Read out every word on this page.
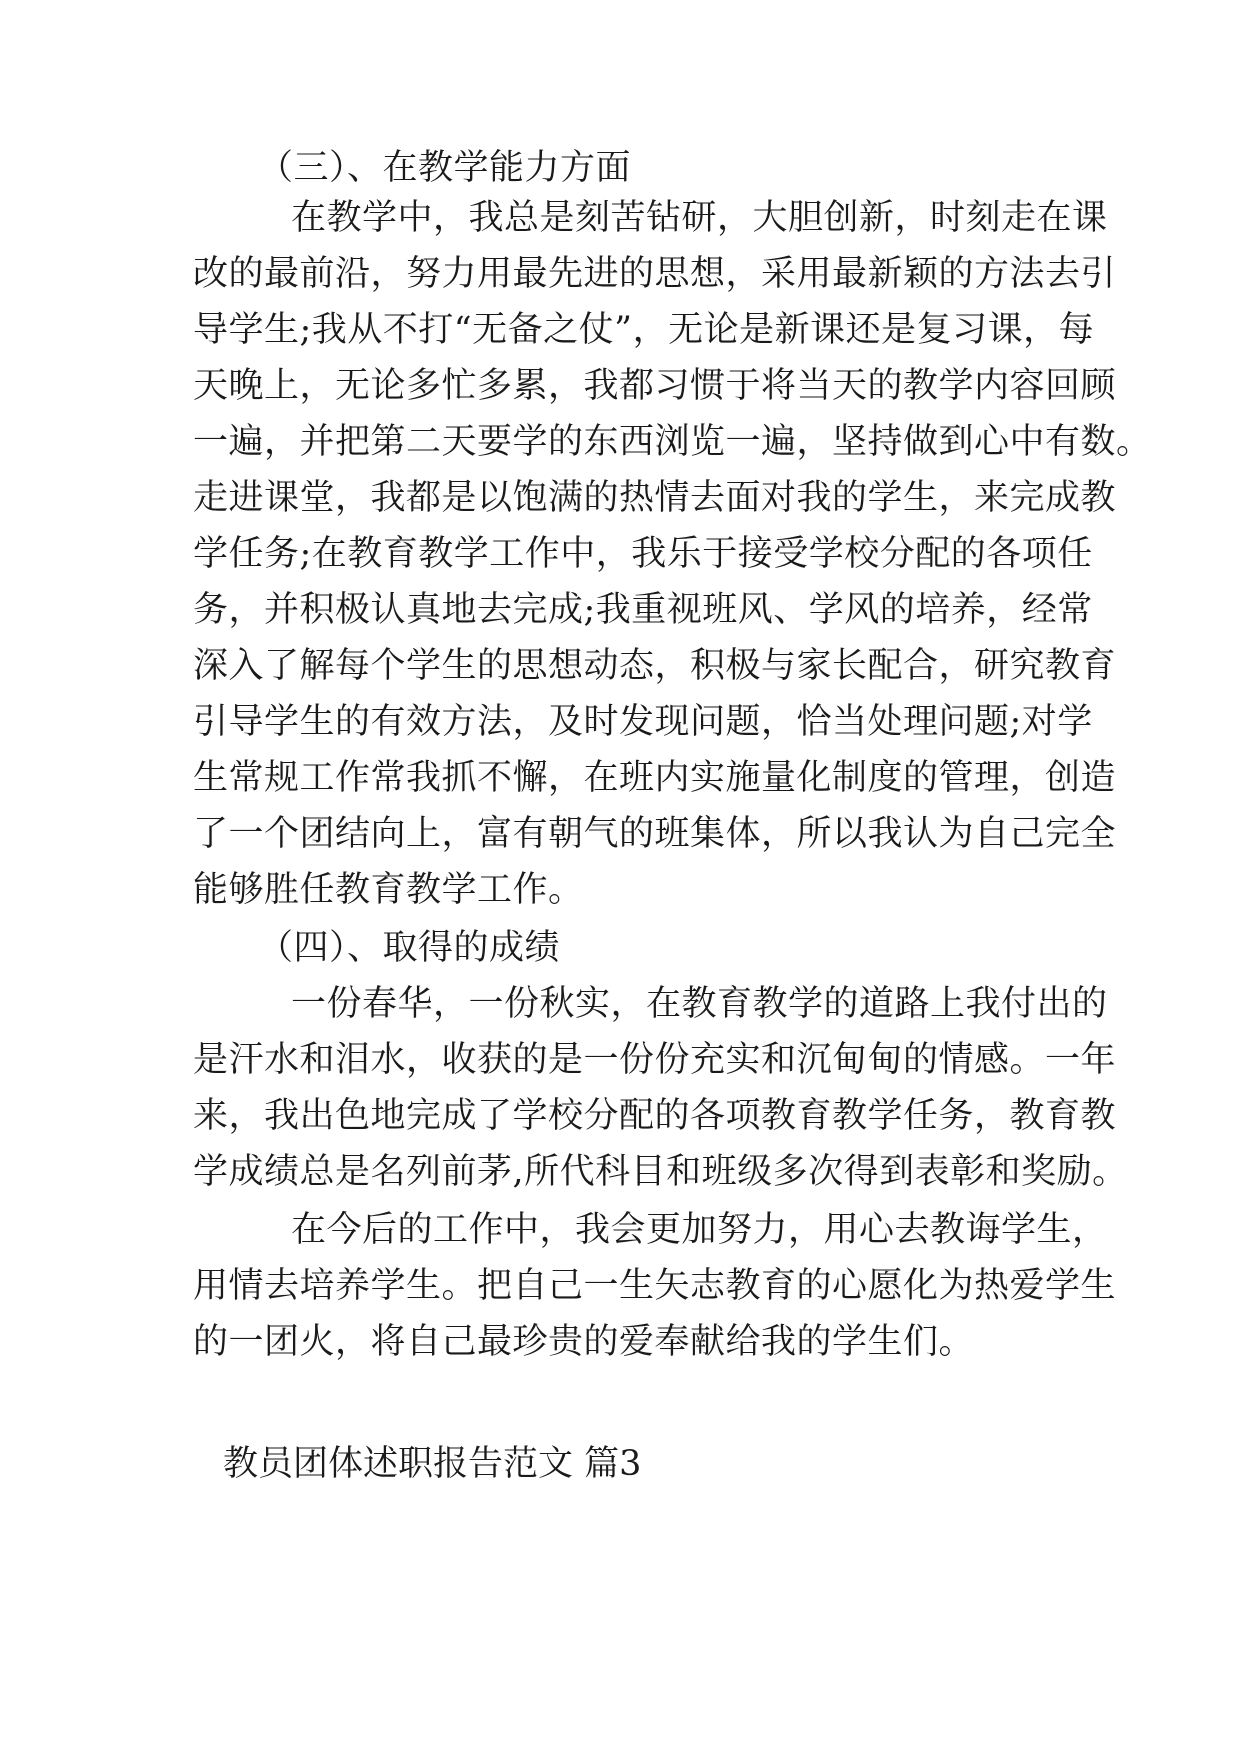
（三）、在教学能力方面
在教学中，我总是刻苦钻研，大胆创新，时刻走在课
改的最前沿，努力用最先进的思想，采用最新颖的方法去引
导学生;我从不打“无备之仗”，无论是新课还是复习课，每
天晚上，无论多忙多累，我都习惯于将当天的教学内容回顾
一遍，并把第二天要学的东西浏览一遍，坚持做到心中有数。
走进课堂，我都是以饱满的热情去面对我的学生，来完成教
学任务;在教育教学工作中，我乐于接受学校分配的各项任
务，并积极认真地去完成;我重视班风、学风的培养，经常
深入了解每个学生的思想动态，积极与家长配合，研究教育
引导学生的有效方法，及时发现问题，恰当处理问题;对学
生常规工作常我抓不懈，在班内实施量化制度的管理，创造
了一个团结向上，富有朝气的班集体，所以我认为自己完全
能够胜任教育教学工作。
（四）、取得的成绩
一份春华，一份秋实，在教育教学的道路上我付出的
是汗水和泪水，收获的是一份份充实和沉甸甸的情感。一年
来，我出色地完成了学校分配的各项教育教学任务，教育教
学成绩总是名列前茅,所代科目和班级多次得到表彰和奖励。
在今后的工作中，我会更加努力，用心去教诲学生，
用情去培养学生。把自己一生矢志教育的心愿化为热爱学生
的一团火，将自己最珍贵的爱奉献给我的学生们。
教员团体述职报告范文 篇3
